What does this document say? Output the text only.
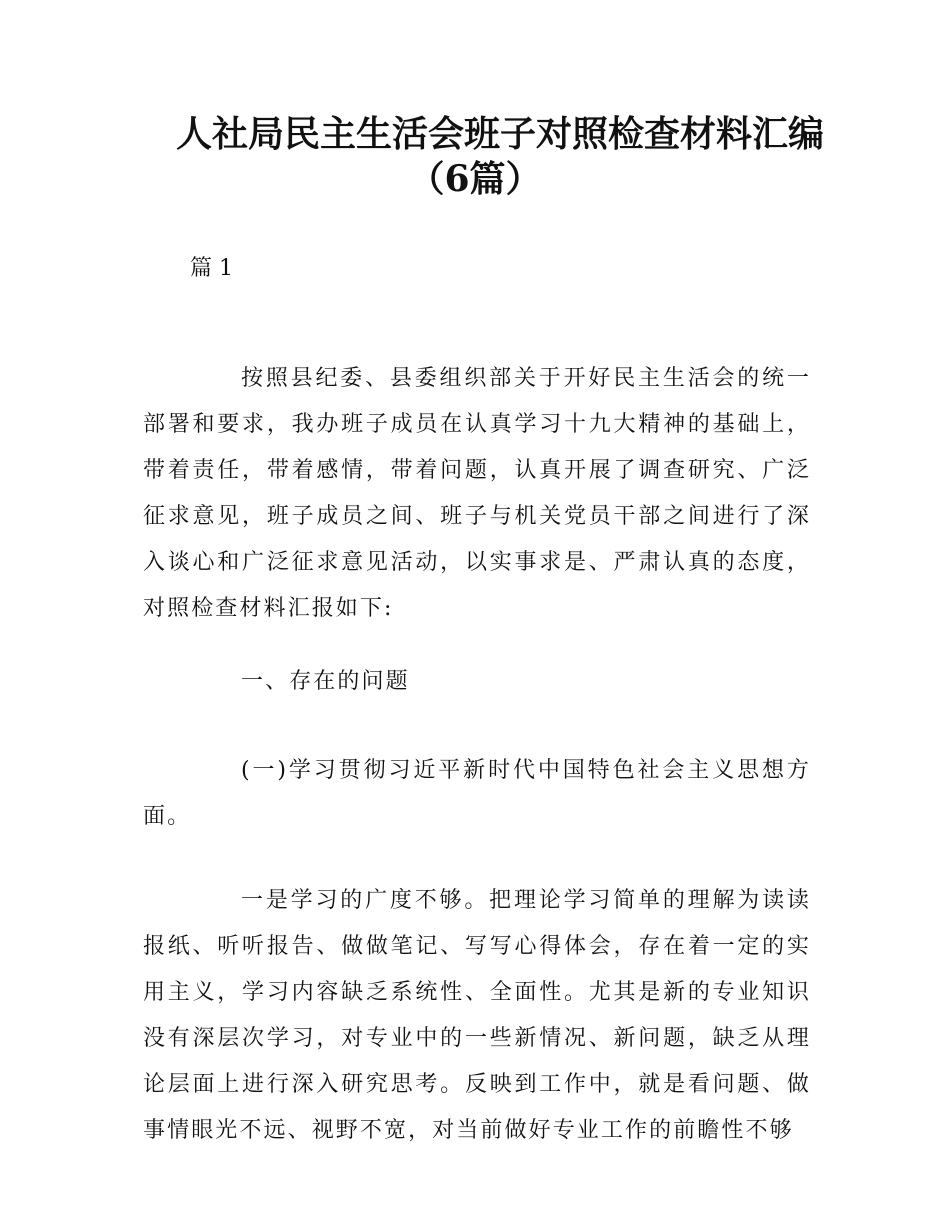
人社局民主生活会班子对照检查材料汇编
（6篇）
篇 1

按照县纪委、县委组织部关于开好民主生活会的统一部署和要求，我办班子成员在认真学习十九大精神的基础上，带着责任，带着感情，带着问题，认真开展了调查研究、广泛征求意见，班子成员之间、班子与机关党员干部之间进行了深入谈心和广泛征求意见活动，以实事求是、严肃认真的态度，对照检查材料汇报如下:

一、存在的问题

(一)学习贯彻习近平新时代中国特色社会主义思想方面。

一是学习的广度不够。把理论学习简单的理解为读读报纸、听听报告、做做笔记、写写心得体会，存在着一定的实用主义，学习内容缺乏系统性、全面性。尤其是新的专业知识没有深层次学习，对专业中的一些新情况、新问题，缺乏从理论层面上进行深入研究思考。反映到工作中，就是看问题、做事情眼光不远、视野不宽，对当前做好专业工作的前瞻性不够
